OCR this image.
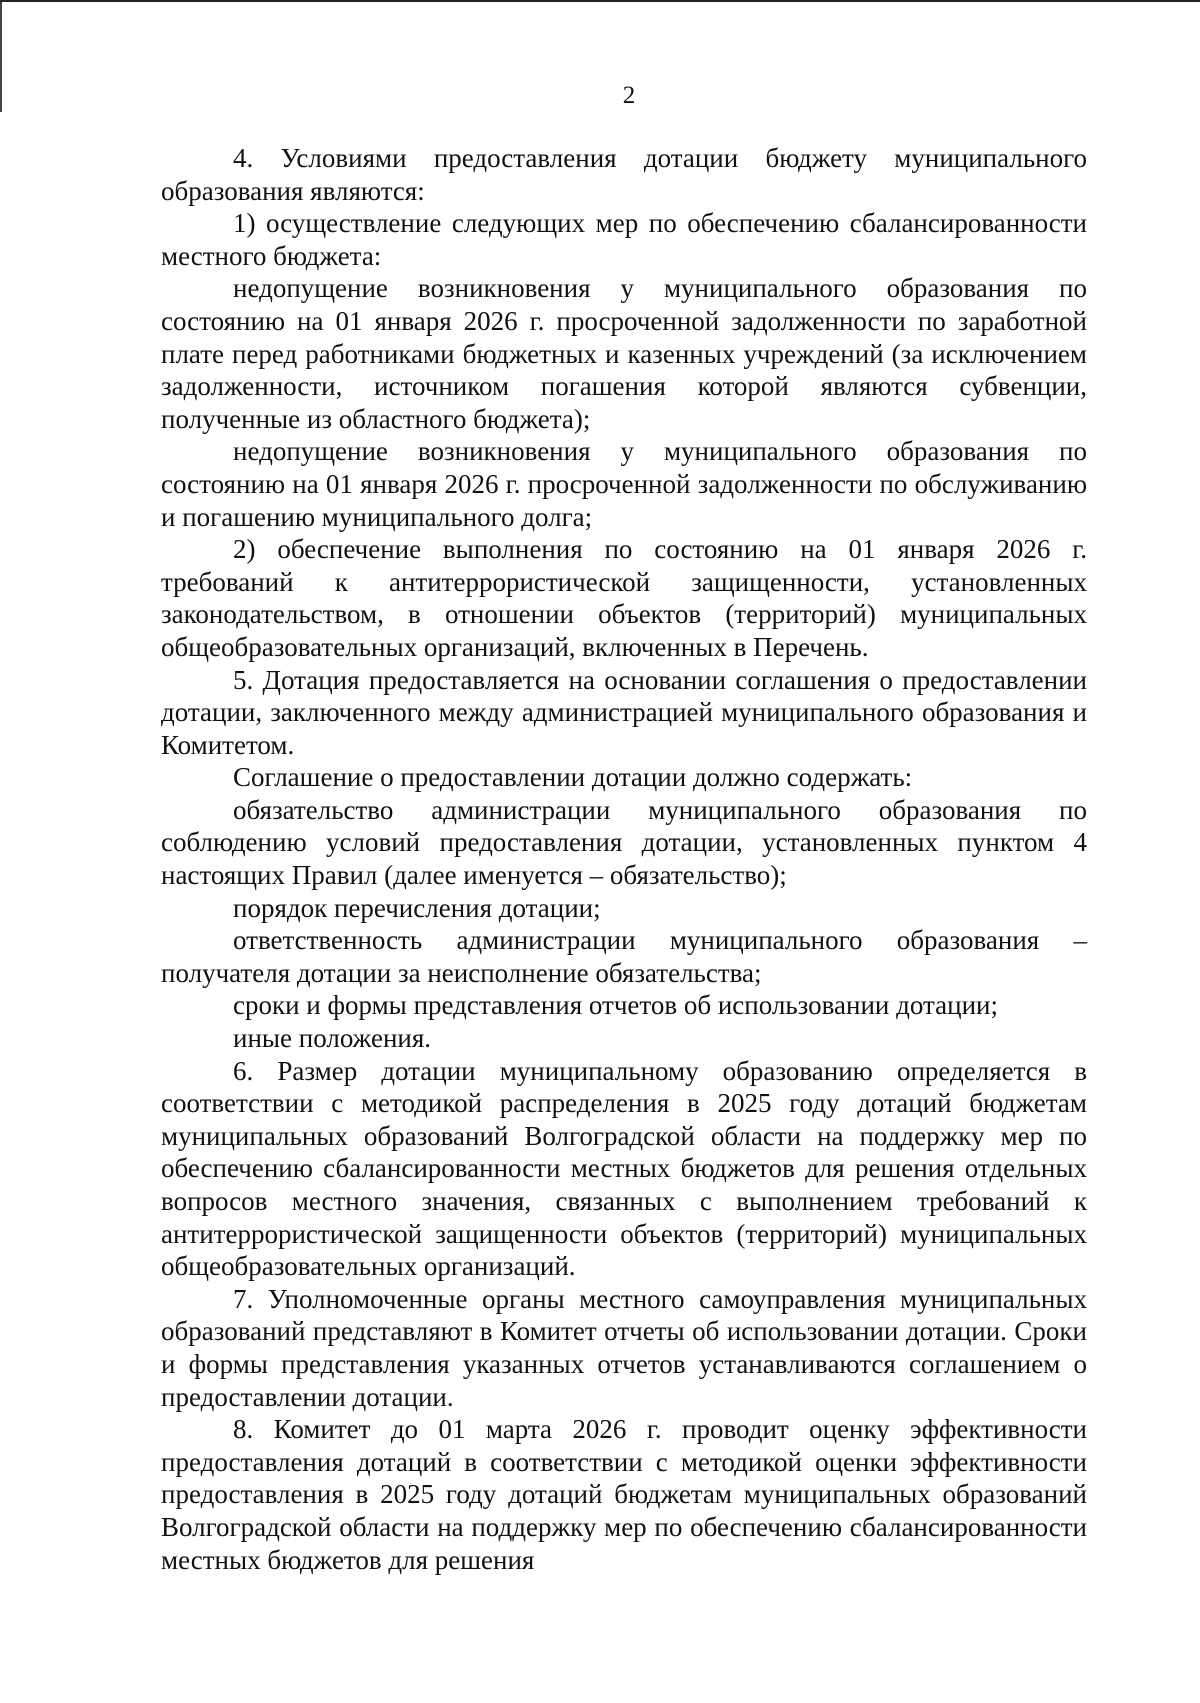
2

4. Условиями предоставления дотации бюджету муниципального образования являются:

1) осуществление следующих мер по обеспечению сбалансированности местного бюджета:

недопущение возникновения у муниципального образования по состоянию на 01 января 2026 г. просроченной задолженности по заработной плате перед работниками бюджетных и казенных учреждений (за исключением задолженности, источником погашения которой являются субвенции, полученные из областного бюджета);

недопущение возникновения у муниципального образования по состоянию на 01 января 2026 г. просроченной задолженности по обслуживанию и погашению муниципального долга;

2) обеспечение выполнения по состоянию на 01 января 2026 г. требований к антитеррористической защищенности, установленных законодательством, в отношении объектов (территорий) муниципальных общеобразовательных организаций, включенных в Перечень.

5. Дотация предоставляется на основании соглашения о предоставлении дотации, заключенного между администрацией муниципального образования и Комитетом.

Соглашение о предоставлении дотации должно содержать:

обязательство администрации муниципального образования по соблюдению условий предоставления дотации, установленных пунктом 4 настоящих Правил (далее именуется – обязательство);

порядок перечисления дотации;

ответственность администрации муниципального образования – получателя дотации за неисполнение обязательства;

сроки и формы представления отчетов об использовании дотации;

иные положения.

6. Размер дотации муниципальному образованию определяется в соответствии с методикой распределения в 2025 году дотаций бюджетам муниципальных образований Волгоградской области на поддержку мер по обеспечению сбалансированности местных бюджетов для решения отдельных вопросов местного значения, связанных с выполнением требований к антитеррористической защищенности объектов (территорий) муниципальных общеобразовательных организаций.

7. Уполномоченные органы местного самоуправления муниципальных образований представляют в Комитет отчеты об использовании дотации. Сроки и формы представления указанных отчетов устанавливаются соглашением о предоставлении дотации.

8. Комитет до 01 марта 2026 г. проводит оценку эффективности предоставления дотаций в соответствии с методикой оценки эффективности предоставления в 2025 году дотаций бюджетам муниципальных образований Волгоградской области на поддержку мер по обеспечению сбалансированности местных бюджетов для решения
